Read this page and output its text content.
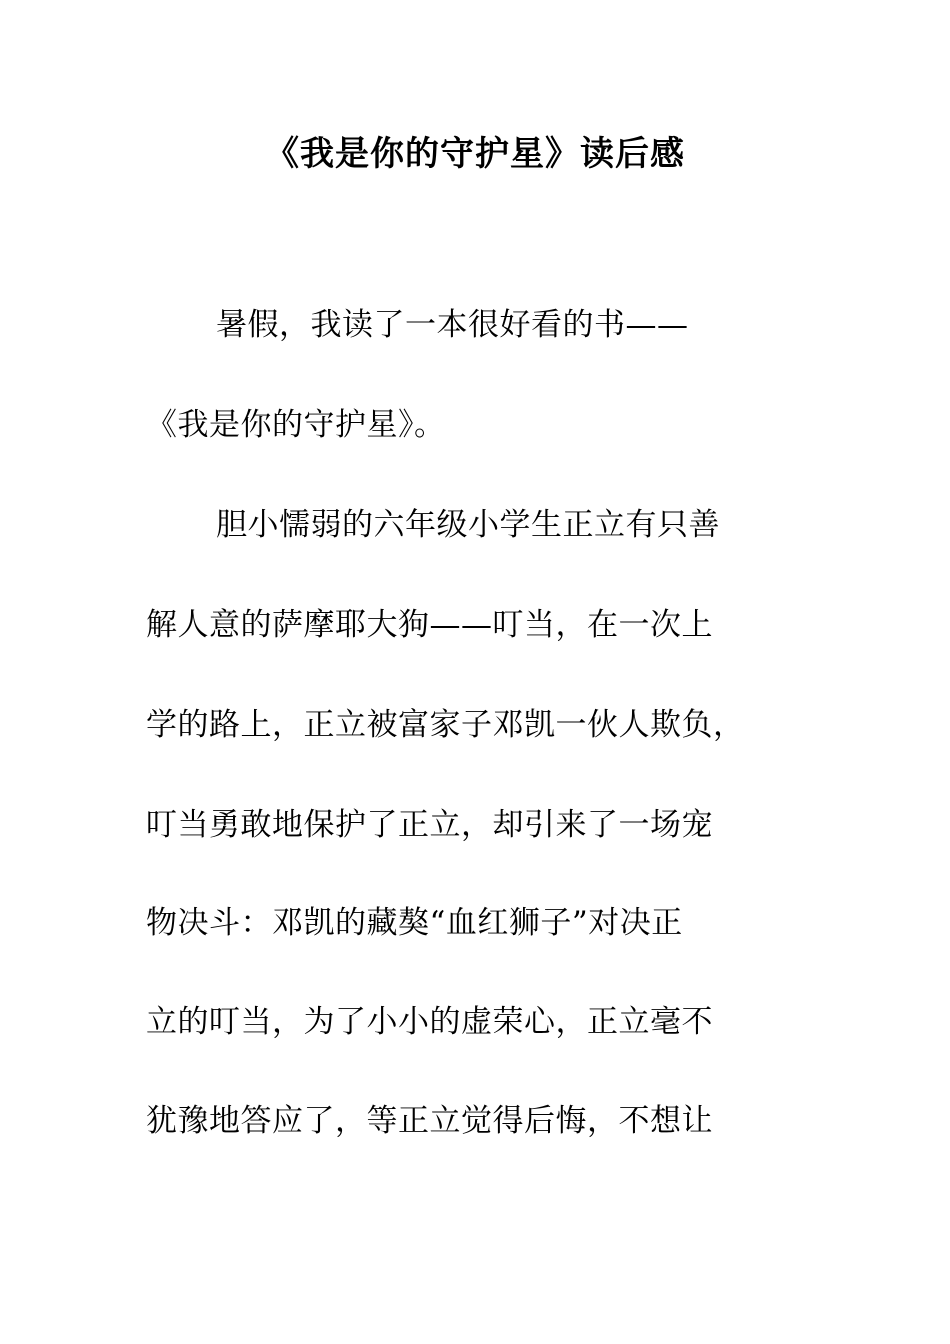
《我是你的守护星》读后感
暑假，我读了一本很好看的书——
《我是你的守护星》。
胆小懦弱的六年级小学生正立有只善
解人意的萨摩耶大狗——叮当，在一次上
学的路上，正立被富家子邓凯一伙人欺负，
叮当勇敢地保护了正立，却引来了一场宠
物决斗：邓凯的藏獒“血红狮子”对决正
立的叮当，为了小小的虚荣心，正立毫不
犹豫地答应了，等正立觉得后悔，不想让
